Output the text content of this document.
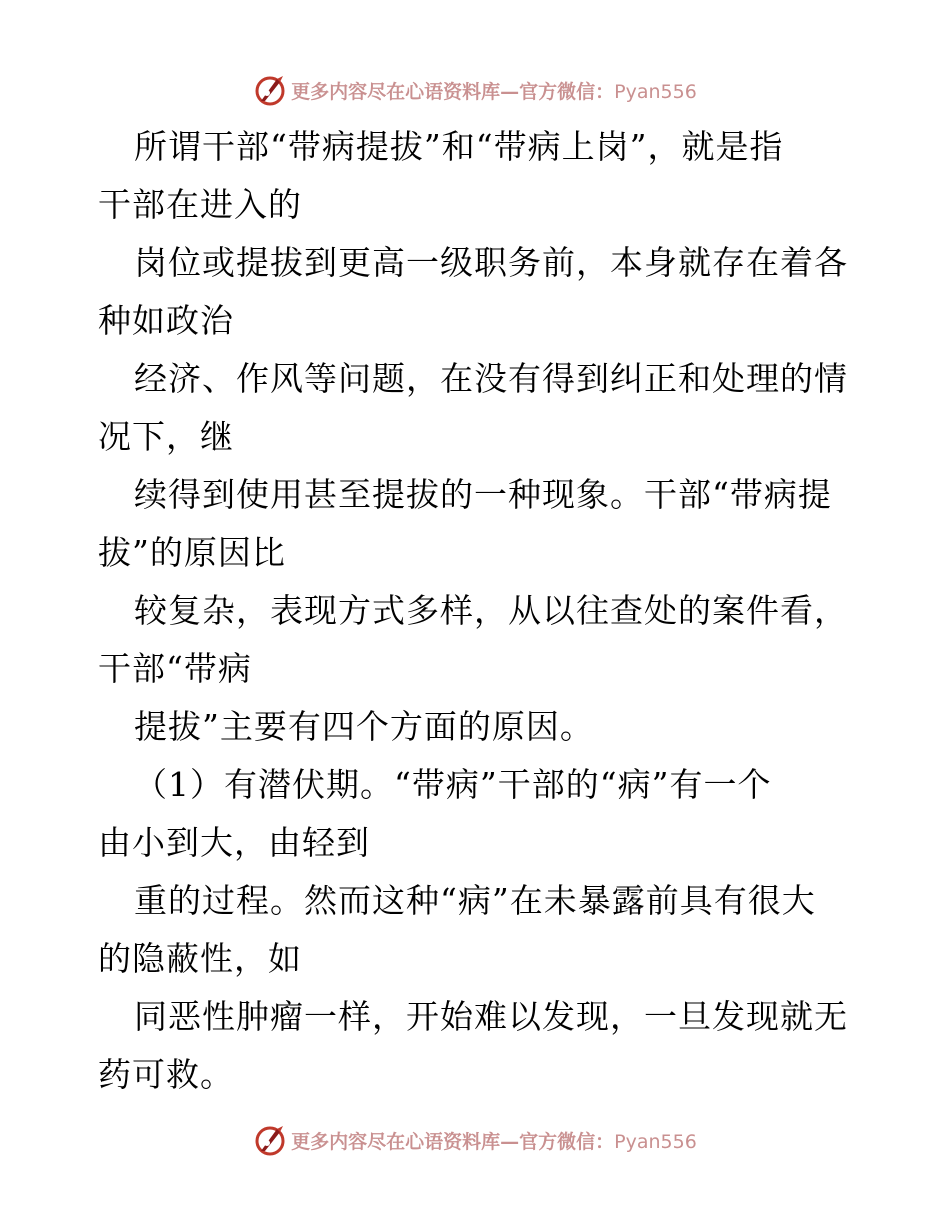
更多内容尽在心语资料库—官方微信：Pyan556
所谓干部“带病提拔”和“带病上岗”，就是指
干部在进入的
岗位或提拔到更高一级职务前，本身就存在着各
种如政治
经济、作风等问题，在没有得到纠正和处理的情
况下，继
续得到使用甚至提拔的一种现象。干部“带病提
拔”的原因比
较复杂，表现方式多样，从以往查处的案件看，
干部“带病
提拔”主要有四个方面的原因。
（1）有潜伏期。“带病”干部的“病”有一个
由小到大，由轻到
重的过程。然而这种“病”在未暴露前具有很大
的隐蔽性，如
同恶性肿瘤一样，开始难以发现，一旦发现就无
药可救。
更多内容尽在心语资料库—官方微信：Pyan556
